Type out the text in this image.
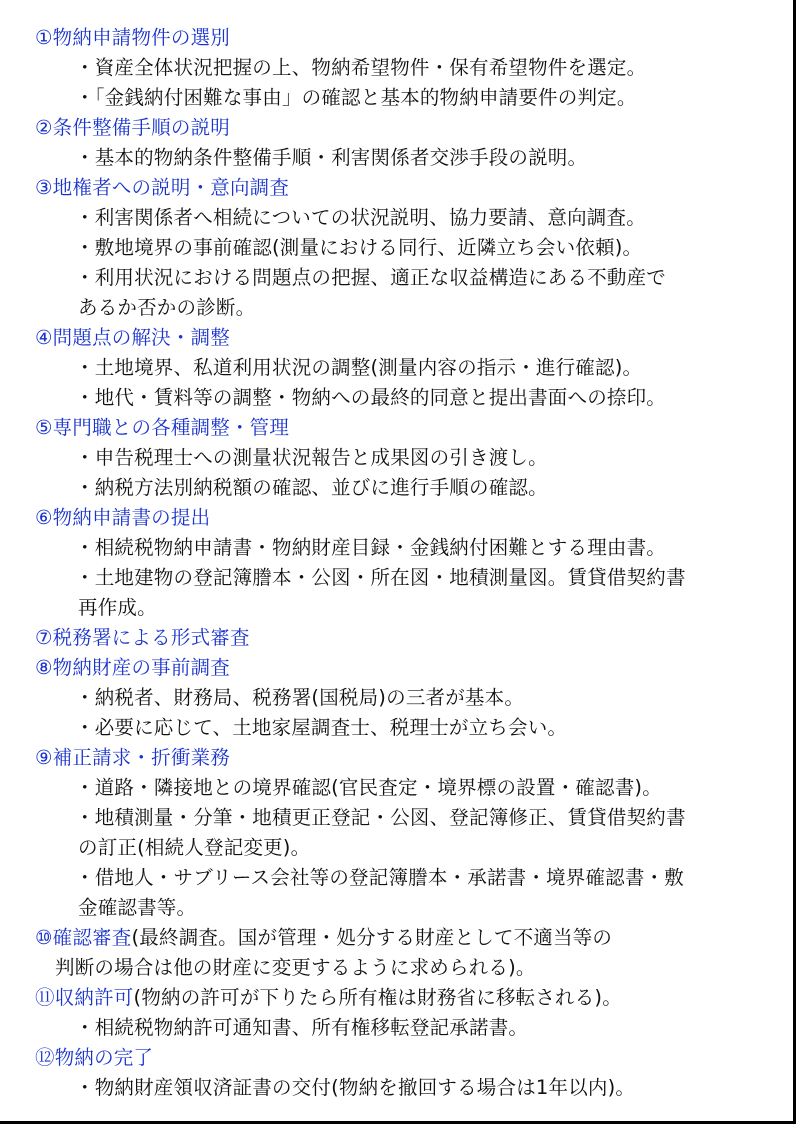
①物納申請物件の選別
・資産全体状況把握の上、物納希望物件・保有希望物件を選定。
・「金銭納付困難な事由」の確認と基本的物納申請要件の判定。
②条件整備手順の説明
・基本的物納条件整備手順・利害関係者交渉手段の説明。
③地権者への説明・意向調査
・利害関係者へ相続についての状況説明、協力要請、意向調査。
・敷地境界の事前確認(測量における同行、近隣立ち会い依頼)。
・利用状況における問題点の把握、適正な収益構造にある不動産で
あるか否かの診断。
④問題点の解決・調整
・土地境界、私道利用状況の調整(測量内容の指示・進行確認)。
・地代・賃料等の調整・物納への最終的同意と提出書面への捺印。
⑤専門職との各種調整・管理
・申告税理士への測量状況報告と成果図の引き渡し。
・納税方法別納税額の確認、並びに進行手順の確認。
⑥物納申請書の提出
・相続税物納申請書・物納財産目録・金銭納付困難とする理由書。
・土地建物の登記簿謄本・公図・所在図・地積測量図。賃貸借契約書
再作成。
⑦税務署による形式審査
⑧物納財産の事前調査
・納税者、財務局、税務署(国税局)の三者が基本。
・必要に応じて、土地家屋調査士、税理士が立ち会い。
⑨補正請求・折衝業務
・道路・隣接地との境界確認(官民査定・境界標の設置・確認書)。
・地積測量・分筆・地積更正登記・公図、登記簿修正、賃貸借契約書
の訂正(相続人登記変更)。
・借地人・サブリース会社等の登記簿謄本・承諾書・境界確認書・敷
金確認書等。
⑩確認審査(最終調査。国が管理・処分する財産として不適当等の
判断の場合は他の財産に変更するように求められる)。
⑪収納許可(物納の許可が下りたら所有権は財務省に移転される)。
・相続税物納許可通知書、所有権移転登記承諾書。
⑫物納の完了
・物納財産領収済証書の交付(物納を撤回する場合は1年以内)。
